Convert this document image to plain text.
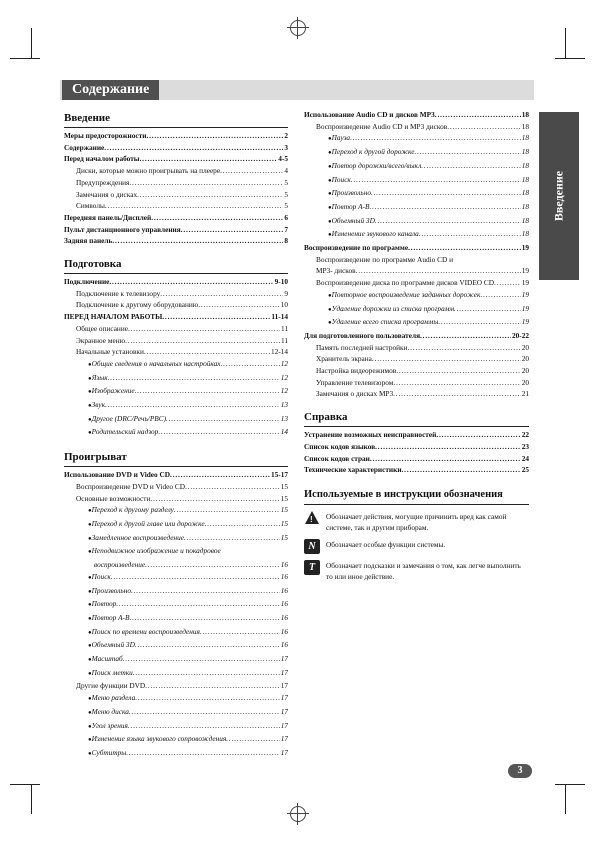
Содержание
Введение
Введение
Меры предосторожности . . .	2
Содержание . . .	3
Перед началом работы . . .	4-5
Диски, которые можно проигрывать на плеере . . .	4
Предупреждения . . .	5
Замечания о дисках . . .	5
Символы . . .	5
Передняя панель/Дисплей . . .	6
Пульт дистанционного управления . . .	7
Задняя панель . . .	8
Подготовка
Подключение . . .	9-10
Подключение к телевизору . . .	9
Подключение к другому оборудованию . . .	10
ПЕРЕД НАЧАЛОМ РАБОТЫ . . .	11-14
Общее описание . . .	11
Экранное меню . . .	11
Начальные установки . . .	12-14
● Общие сведения о начальных настройках . . .	12
● Язык . . .	12
● Изображение . . .	12
● Звук . . .	13
● Другое (DRC/Речь/PBC) . . .	13
● Родительский надзор . . .	14
Проигрыват
Использование DVD и Video CD . . .	15-17
Воспроизведение DVD и Video CD . . .	15
Основные возможности . . .	15
● Переход к другому разделу . . .	15
● Переход к другой главе или дорожке . . .	15
● Замедленное воспроизведение . . .	15
● Неподвижное изображение и покадровое
воспроизведение . . .	16
● Поиск . . .	16
● Произвольно . . .	16
● Повтор . . .	16
● Повтор А-В . . .	16
● Поиск по времени воспроизведения . . .	16
● Объемный 3D . . .	16
● Масштаб . . .	17
● Поиск метки . . .	17
Другие функции DVD . . .	17
● Меню раздела . . .	17
● Меню диска . . .	17
● Угол зрения . . .	17
● Изменение языка звукового сопровождения . . .	17
● Субтитры . . .	17
Использование Audio CD и дисков MP3 . . .	18
Воспроизведение Audio CD и MP3 дисков . . .	18
● Пауза . . .	18
● Переход к другой дорожке . . .	18
● Повтор дорожки/всего/выкл . . .	18
● Поиск . . .	18
● Произвольно . . .	18
● Повтор А-В . . .	18
● Объемный 3D . . .	18
● Изменение звукового канала . . .	18
Воспроизведение по программе . . .	19
Воспроизведение по программе Audio CD и
MP3- дисков . . .	19
Воспроизведение диска по программе дисков VIDEO CD . . .	19
● Повторное воспроизведение заданных дорожек . . .	19
● Удаление дорожки из списка программ . . .	19
● Удаление всего списка программы . . .	19
Для подготовленного пользователя . . .	20-22
Память последней настройки . . .	20
Хранитель экрана . . .	20
Настройка видеорежимов . . .	20
Управление телевизором . . .	20
Замечания о дисках MP3 . . .	21
Справка
Устранение возможных неисправностей . . .	22
Список кодов языков . . .	23
Список кодов стран . . .	24
Технические характеристики . . .	25
Используемые в инструкции обозначения
! Обозначает действия, могущие причинить вред как самой системе, так и другим приборам.
N	Обозначает особые функции системы.
T	Обозначает подсказки и замечания о том, как легче выполнить то или иное действие.
3
